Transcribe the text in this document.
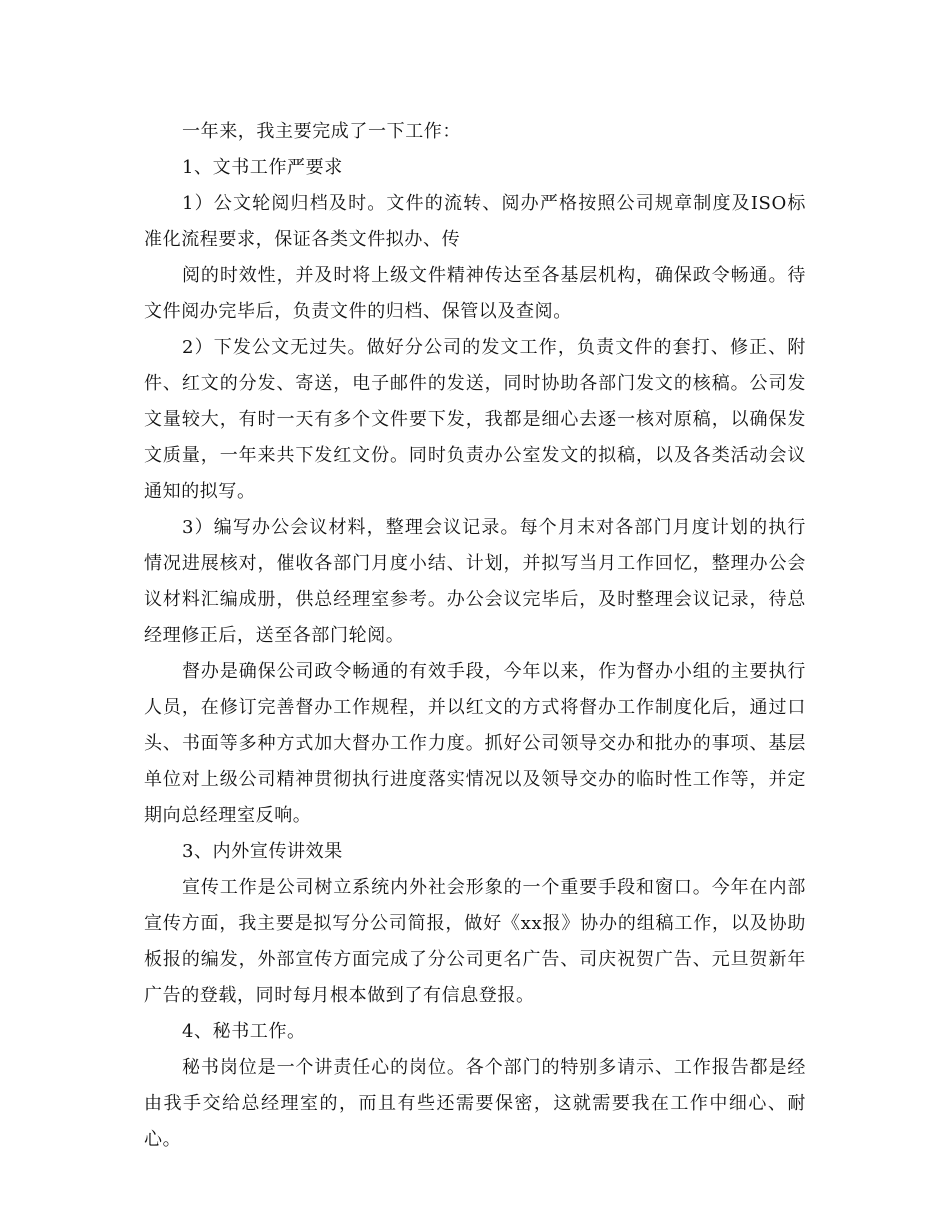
一年来，我主要完成了一下工作：

1、文书工作严要求

1）公文轮阅归档及时。文件的流转、阅办严格按照公司规章制度及ISO标准化流程要求，保证各类文件拟办、传

阅的时效性，并及时将上级文件精神传达至各基层机构，确保政令畅通。待文件阅办完毕后，负责文件的归档、保管以及查阅。

2）下发公文无过失。做好分公司的发文工作，负责文件的套打、修正、附件、红文的分发、寄送，电子邮件的发送，同时协助各部门发文的核稿。公司发文量较大，有时一天有多个文件要下发，我都是细心去逐一核对原稿，以确保发文质量，一年来共下发红文份。同时负责办公室发文的拟稿，以及各类活动会议通知的拟写。

3）编写办公会议材料，整理会议记录。每个月末对各部门月度计划的执行情况进展核对，催收各部门月度小结、计划，并拟写当月工作回忆，整理办公会议材料汇编成册，供总经理室参考。办公会议完毕后，及时整理会议记录，待总经理修正后，送至各部门轮阅。

督办是确保公司政令畅通的有效手段，今年以来，作为督办小组的主要执行人员，在修订完善督办工作规程，并以红文的方式将督办工作制度化后，通过口头、书面等多种方式加大督办工作力度。抓好公司领导交办和批办的事项、基层单位对上级公司精神贯彻执行进度落实情况以及领导交办的临时性工作等，并定期向总经理室反响。

3、内外宣传讲效果

宣传工作是公司树立系统内外社会形象的一个重要手段和窗口。今年在内部宣传方面，我主要是拟写分公司简报，做好《xx报》协办的组稿工作，以及协助板报的编发，外部宣传方面完成了分公司更名广告、司庆祝贺广告、元旦贺新年广告的登载，同时每月根本做到了有信息登报。

4、秘书工作。

秘书岗位是一个讲责任心的岗位。各个部门的特别多请示、工作报告都是经由我手交给总经理室的，而且有些还需要保密，这就需要我在工作中细心、耐心。
